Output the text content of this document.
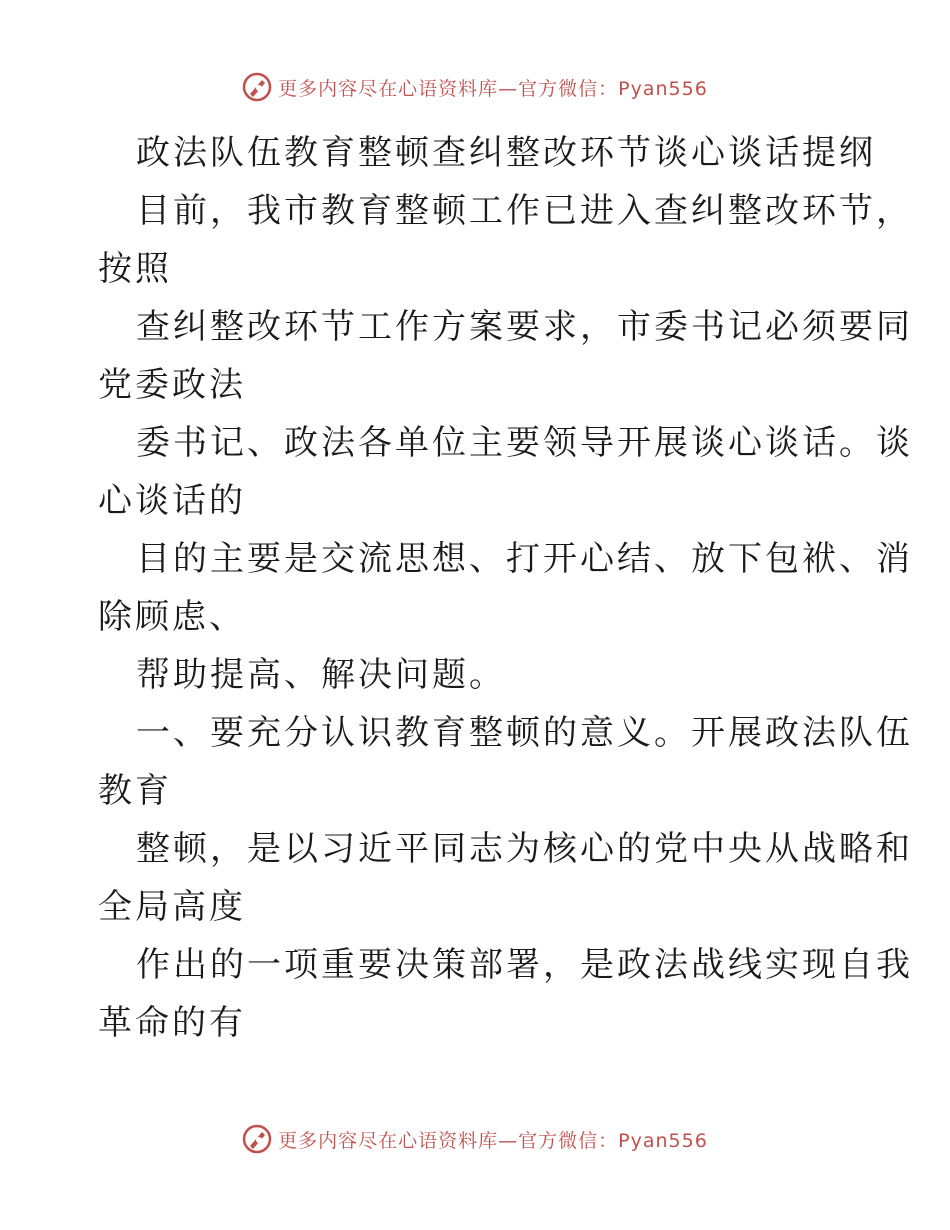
更多内容尽在心语资料库—官方微信：Pyan556
政法队伍教育整顿查纠整改环节谈心谈话提纲
目前，我市教育整顿工作已进入查纠整改环节，
按照
查纠整改环节工作方案要求，市委书记必须要同
党委政法
委书记、政法各单位主要领导开展谈心谈话。谈
心谈话的
目的主要是交流思想、打开心结、放下包袱、消
除顾虑、
帮助提高、解决问题。
一、要充分认识教育整顿的意义。开展政法队伍
教育
整顿，是以习近平同志为核心的党中央从战略和
全局高度
作出的一项重要决策部署，是政法战线实现自我
革命的有
更多内容尽在心语资料库—官方微信：Pyan556
